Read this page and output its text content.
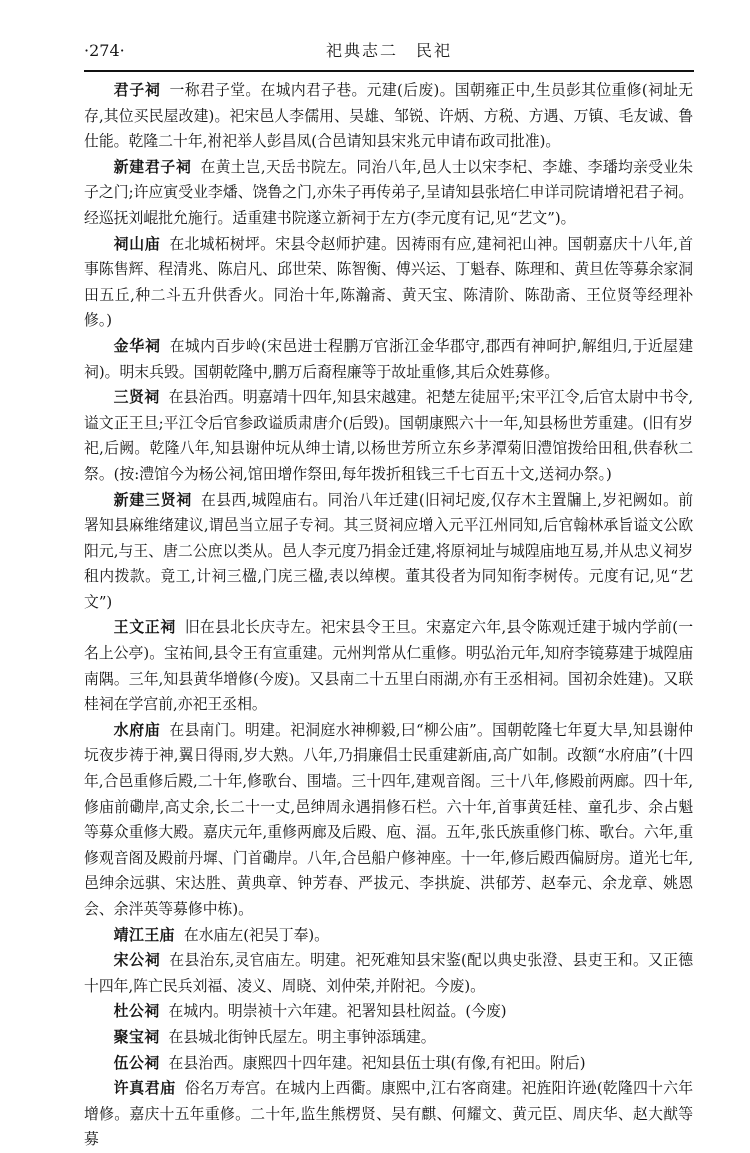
·274·	祀典志二　民祀

君子祠 一称君子堂。在城内君子巷。元建(后废)。国朝雍正中,生员彭其位重修(祠址无存,其位买民屋改建)。祀宋邑人李儒用、吴雄、邹锐、许炳、方税、方遇、万镇、毛友诚、鲁仕能。乾隆二十年,祔祀举人彭昌凤(合邑请知县宋兆元申请布政司批准)。

新建君子祠 在黄土岂,天岳书院左。同治八年,邑人士以宋李杞、李雄、李璠均亲受业朱子之门;许应寅受业李燔、饶鲁之门,亦朱子再传弟子,呈请知县张培仁申详司院请增祀君子祠。经巡抚刘崐批允施行。适重建书院遂立新祠于左方(李元度有记,见“艺文”)。

祠山庙 在北城柘树坪。宋县令赵师护建。因祷雨有应,建祠祀山神。国朝嘉庆十八年,首事陈售辉、程清兆、陈启凡、邱世荣、陈智衡、傅兴运、丁魁春、陈理和、黄旦佐等募余家洞田五丘,种二斗五升供香火。同治十年,陈瀚斋、黄天宝、陈清阶、陈劭斋、王位贤等经理补修。)

金华祠 在城内百步岭(宋邑进士程鹏万官浙江金华郡守,郡西有神呵护,解组归,于近屋建祠)。明末兵毁。国朝乾隆中,鹏万后裔程廉等于故址重修,其后众姓募修。

三贤祠 在县治西。明嘉靖十四年,知县宋越建。祀楚左徒屈平;宋平江令,后官太尉中书令,谥文正王旦;平江令后官参政谥质肃唐介(后毁)。国朝康熙六十一年,知县杨世芳重建。(旧有岁祀,后阙。乾隆八年,知县谢仲坃从绅士请,以杨世芳所立东乡茅潭菊旧澧馆拨给田租,供春秋二祭。(按:澧馆今为杨公祠,馆田增作祭田,每年拨折租钱三千七百五十文,送祠办祭。)

新建三贤祠 在县西,城隍庙右。同治八年迁建(旧祠圮废,仅存木主置牖上,岁祀阙如。前署知县麻维绪建议,谓邑当立屈子专祠。其三贤祠应增入元平江州同知,后官翰林承旨谥文公欧阳元,与王、唐二公庶以类从。邑人李元度乃捐金迁建,将原祠址与城隍庙地互易,并从忠义祠岁租内拨款。竟工,计祠三楹,门庑三楹,表以绰楔。董其役者为同知衔李树传。元度有记,见“艺文”)

王文正祠 旧在县北长庆寺左。祀宋县令王旦。宋嘉定六年,县令陈观迁建于城内学前(一名上公亭)。宝祐间,县令王有宣重建。元州判常从仁重修。明弘治元年,知府李镜募建于城隍庙南隅。三年,知县黄华增修(今废)。又县南二十五里白雨湖,亦有王丞相祠。国初余姓建)。又联桂祠在学宫前,亦祀王丞相。

水府庙 在县南门。明建。祀洞庭水神柳毅,曰“柳公庙”。国朝乾隆七年夏大旱,知县谢仲坃夜步祷于神,翼日得雨,岁大熟。八年,乃捐廉倡士民重建新庙,高广如制。改额“水府庙”(十四年,合邑重修后殿,二十年,修歌台、围墙。三十四年,建观音阁。三十八年,修殿前两廊。四十年,修庙前磡岸,高丈余,长二十一丈,邑绅周永遇捐修石栏。六十年,首事黄廷桂、童孔步、余占魁等募众重修大殿。嘉庆元年,重修两廊及后殿、庖、湢。五年,张氏族重修门栋、歌台。六年,重修观音阁及殿前丹墀、门首磡岸。八年,合邑船户修神座。十一年,修后殿西偏厨房。道光七年,邑绅余远骐、宋达胜、黄典章、钟芳春、严拔元、李拱旋、洪郁芳、赵奉元、余龙章、姚恩会、余泮英等募修中栋)。

靖江王庙 在水庙左(祀吴丁奉)。

宋公祠 在县治东,灵官庙左。明建。祀死难知县宋鉴(配以典史张澄、县吏王和。又正德十四年,阵亡民兵刘福、凌义、周晓、刘仲荣,并附祀。今废)。

杜公祠 在城内。明崇祯十六年建。祀署知县杜闳益。(今废)

聚宝祠 在县城北街钟氏屋左。明主事钟添瑀建。

伍公祠 在县治西。康熙四十四年建。祀知县伍士琪(有像,有祀田。附后)

许真君庙 俗名万寿宫。在城内上西衢。康熙中,江右客商建。祀旌阳许逊(乾隆四十六年增修。嘉庆十五年重修。二十年,监生熊楞贤、吴有麒、何耀文、黄元臣、周庆华、赵大猷等募
